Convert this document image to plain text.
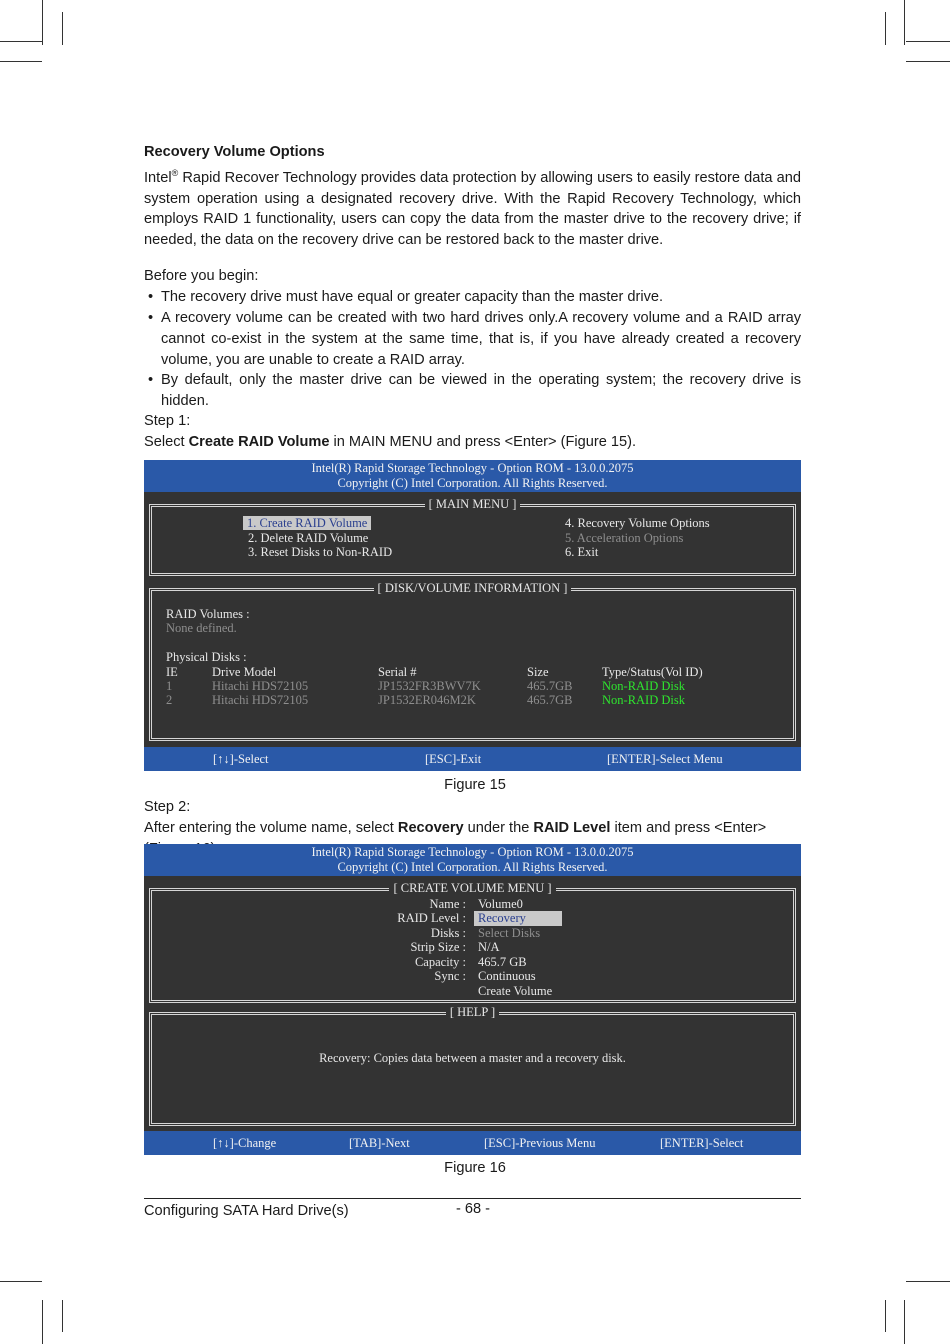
Recovery Volume Options
Intel® Rapid Recover Technology provides data protection by allowing users to easily restore data and system operation using a designated recovery drive. With the Rapid Recovery Technology, which employs RAID 1 functionality, users can copy the data from the master drive to the recovery drive; if needed, the data on the recovery drive can be restored back to the master drive.
Before you begin:
• The recovery drive must have equal or greater capacity than the master drive.
• A recovery volume can be created with two hard drives only.A recovery volume and a RAID array cannot co-exist in the system at the same time, that is, if you have already created a recovery volume, you are unable to create a RAID array.
• By default, only the master drive can be viewed in the operating system; the recovery drive is hidden.
Step 1:
Select Create RAID Volume in MAIN MENU and press <Enter> (Figure 15).
Intel(R) Rapid Storage Technology - Option ROM - 13.0.0.2075
Copyright (C) Intel Corporation. All Rights Reserved.
[ MAIN MENU ]
1. Create RAID Volume
2. Delete RAID Volume
3. Reset Disks to Non-RAID
4. Recovery Volume Options
5. Acceleration Options
6. Exit
[ DISK/VOLUME INFORMATION ]
RAID Volumes :
None defined.
Physical Disks :
IE	Drive Model	Serial #	Size	Type/Status(Vol ID)
1	Hitachi HDS72105	JP1532FR3BWV7K	465.7GB Non-RAID Disk
2	Hitachi HDS72105	JP1532ER046M2K	465.7GB Non-RAID Disk
[↑↓]-Select	[ESC]-Exit	[ENTER]-Select Menu
Figure 15
Step 2:
After entering the volume name, select Recovery under the RAID Level item and press <Enter>
Intel(R) Rapid Storage Technology - Option ROM - 13.0.0.2075
Copyright (C) Intel Corporation. All Rights Reserved.
[ CREATE VOLUME MENU ]
Name : Volume0
RAID Level : Recovery
Disks : Select Disks
Strip Size : N/A
Capacity : 465.7 GB
Sync : Continuous
Create Volume
[ HELP ]
Recovery: Copies data between a master and a recovery disk.
[↑↓]-Change	[TAB]-Next	[ESC]-Previous Menu	[ENTER]-Select
Figure 16
Configuring SATA Hard Drive(s)	- 68 -
